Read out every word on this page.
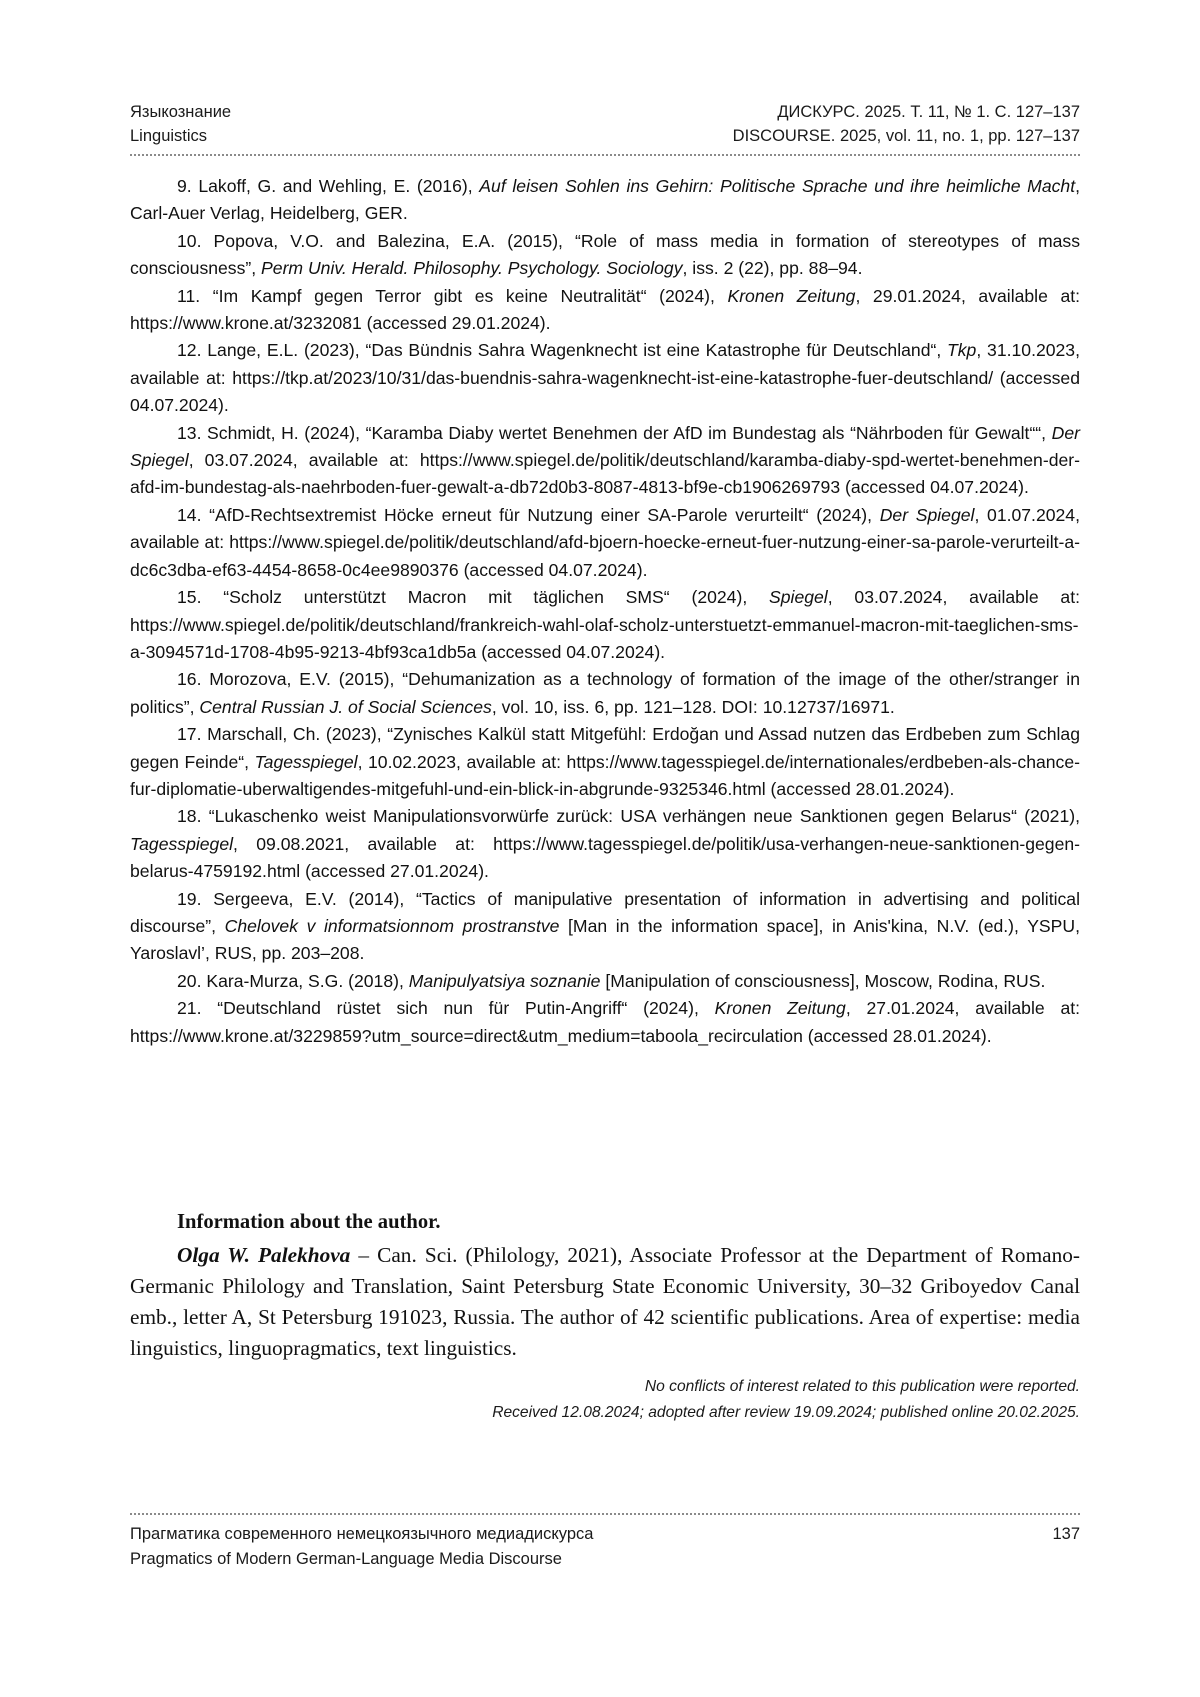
Языкознание	ДИСКУРС. 2025. Т. 11, № 1. С. 127–137
Linguistics	DISCOURSE. 2025, vol. 11, no. 1, pp. 127–137

9. Lakoff, G. and Wehling, E. (2016), Auf leisen Sohlen ins Gehirn: Politische Sprache und ihre heimliche Macht, Carl-Auer Verlag, Heidelberg, GER.

10. Popova, V.O. and Balezina, E.A. (2015), “Role of mass media in formation of stereotypes of mass consciousness”, Perm Univ. Herald. Philosophy. Psychology. Sociology, iss. 2 (22), pp. 88–94.

11. “Im Kampf gegen Terror gibt es keine Neutralität“ (2024), Kronen Zeitung, 29.01.2024, available at: https://www.krone.at/3232081 (accessed 29.01.2024).

12. Lange, E.L. (2023), “Das Bündnis Sahra Wagenknecht ist eine Katastrophe für Deutschland“, Tkp, 31.10.2023, available at: https://tkp.at/2023/10/31/das-buendnis-sahra-wagenknecht-ist-eine-katastrophe-fuer-deutschland/ (accessed 04.07.2024).

13. Schmidt, H. (2024), “Karamba Diaby wertet Benehmen der AfD im Bundestag als “Nährboden für Gewalt““, Der Spiegel, 03.07.2024, available at: https://www.spiegel.de/politik/deutschland/karamba-diaby-spd-wertet-benehmen-der-afd-im-bundestag-als-naehrboden-fuer-gewalt-a-db72d0b3-8087-4813-bf9e-cb1906269793 (accessed 04.07.2024).

14. “AfD-Rechtsextremist Höcke erneut für Nutzung einer SA-Parole verurteilt“ (2024), Der Spiegel, 01.07.2024, available at: https://www.spiegel.de/politik/deutschland/afd-bjoern-hoecke-erneut-fuer-nutzung-einer-sa-parole-verurteilt-a-dc6c3dba-ef63-4454-8658-0c4ee9890376 (accessed 04.07.2024).

15. “Scholz unterstützt Macron mit täglichen SMS“ (2024), Spiegel, 03.07.2024, available at: https://www.spiegel.de/politik/deutschland/frankreich-wahl-olaf-scholz-unterstuetzt-emmanuel-macron-mit-taeglichen-sms-a-3094571d-1708-4b95-9213-4bf93ca1db5a (accessed 04.07.2024).

16. Morozova, E.V. (2015), “Dehumanization as a technology of formation of the image of the other/stranger in politics”, Central Russian J. of Social Sciences, vol. 10, iss. 6, pp. 121–128. DOI: 10.12737/16971.

17. Marschall, Ch. (2023), “Zynisches Kalkül statt Mitgefühl: Erdoğan und Assad nutzen das Erdbeben zum Schlag gegen Feinde“, Tagesspiegel, 10.02.2023, available at: https://www.tagesspiegel.de/internationales/erdbeben-als-chance-fur-diplomatie-uberwaltigendes-mitgefuhl-und-ein-blick-in-abgrunde-9325346.html (accessed 28.01.2024).

18. “Lukaschenko weist Manipulationsvorwürfe zurück: USA verhängen neue Sanktionen gegen Belarus“ (2021), Tagesspiegel, 09.08.2021, available at: https://www.tagesspiegel.de/politik/usa-verhangen-neue-sanktionen-gegen-belarus-4759192.html (accessed 27.01.2024).

19. Sergeeva, E.V. (2014), “Tactics of manipulative presentation of information in advertising and political discourse”, Chelovek v informatsionnom prostranstve [Man in the information space], in Anis'kina, N.V. (ed.), YSPU, Yaroslavl’, RUS, pp. 203–208.

20. Kara-Murza, S.G. (2018), Manipulyatsiya soznanie [Manipulation of consciousness], Moscow, Rodina, RUS.

21. “Deutschland rüstet sich nun für Putin-Angriff“ (2024), Kronen Zeitung, 27.01.2024, available at: https://www.krone.at/3229859?utm_source=direct&utm_medium=taboola_recirculation (accessed 28.01.2024).

Information about the author.

Olga W. Palekhova – Can. Sci. (Philology, 2021), Associate Professor at the Department of Romano-Germanic Philology and Translation, Saint Petersburg State Economic University, 30–32 Griboyedov Canal emb., letter A, St Petersburg 191023, Russia. The author of 42 scientific publications. Area of expertise: media linguistics, linguopragmatics, text linguistics.

No conflicts of interest related to this publication were reported.
Received 12.08.2024; adopted after review 19.09.2024; published online 20.02.2025.
Прагматика современного немецкоязычного медиадискурса	137
Pragmatics of Modern German-Language Media Discourse
